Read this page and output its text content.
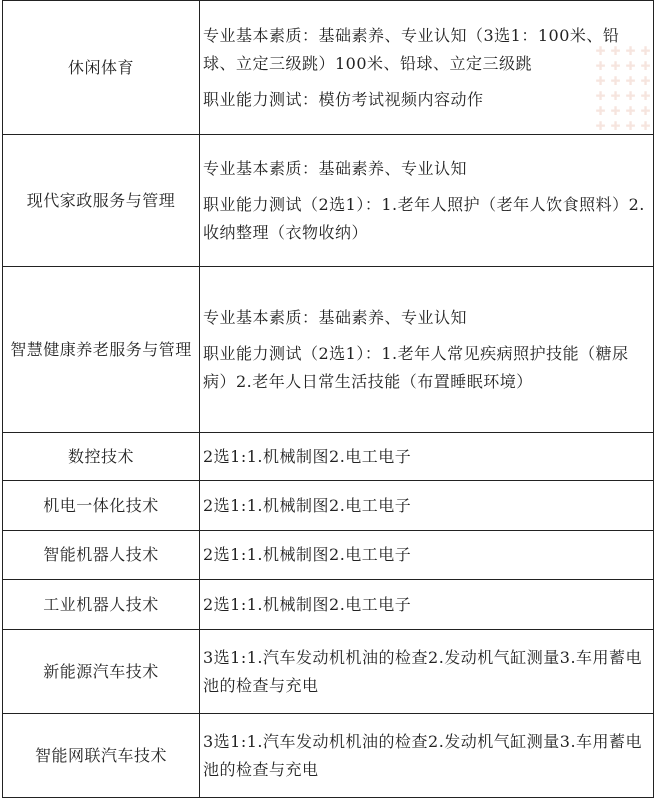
休闲体育	专业基本素质：基础素养、专业认知（3选1：100米、铅球、立定三级跳）100米、铅球、立定三级跳
职业能力测试：模仿考试视频内容动作

现代家政服务与管理	专业基本素质：基础素养、专业认知
职业能力测试（2选1）：1.老年人照护（老年人饮食照料）2.收纳整理（衣物收纳）

智慧健康养老服务与管理	专业基本素质：基础素养、专业认知
职业能力测试（2选1）：1.老年人常见疾病照护技能（糖尿病）2.老年人日常生活技能（布置睡眠环境）

数控技术	2选1:1.机械制图2.电工电子

机电一体化技术	2选1:1.机械制图2.电工电子

智能机器人技术	2选1:1.机械制图2.电工电子

工业机器人技术	2选1:1.机械制图2.电工电子

新能源汽车技术	3选1:1.汽车发动机机油的检查2.发动机气缸测量3.车用蓄电池的检查与充电

智能网联汽车技术	3选1:1.汽车发动机机油的检查2.发动机气缸测量3.车用蓄电池的检查与充电
✚ ✚ ✚ ✚
✚ ✚ ✚ ✚
✚ ✚ ✚ ✚
✚ ✚ ✚ ✚
✚ ✚ ✚ ✚
✚ ✚ ✚ ✚
